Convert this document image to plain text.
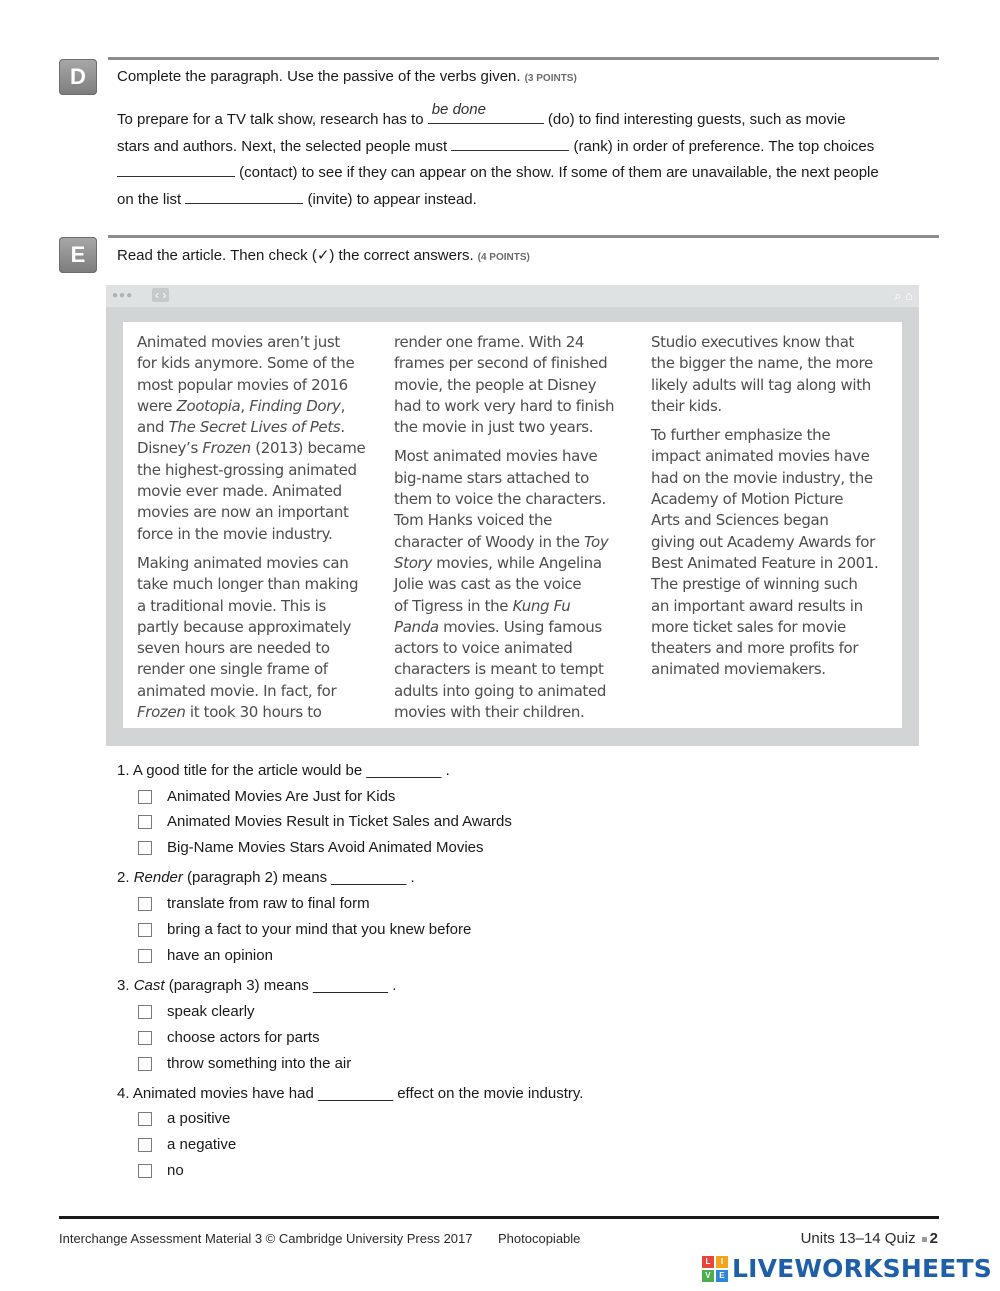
D	Complete the paragraph. Use the passive of the verbs given. (3 POINTS)

To prepare for a TV talk show, research has to
be done
(do) to find interesting guests, such as movie

stars and authors. Next, the selected people must	(rank) in order of preference. The top choices

(contact) to see if they can appear on the show. If some of them are unavailable, the next people

on the list	(invite) to appear instead.

E	Read the article. Then check (✓) the correct answers. (4 POINTS)
●●● ‹ ›	⌕ ⌂

Animated movies aren’t just
for kids anymore. Some of the
most popular movies of 2016
were Zootopia, Finding Dory,
and The Secret Lives of Pets.
Disney’s Frozen (2013) became
the highest-grossing animated
movie ever made. Animated
movies are now an important
force in the movie industry.

Making animated movies can
take much longer than making
a traditional movie. This is
partly because approximately
seven hours are needed to
render one single frame of
animated movie. In fact, for
Frozen it took 30 hours to

render one frame. With 24
frames per second of finished
movie, the people at Disney
had to work very hard to finish
the movie in just two years.

Most animated movies have
big-name stars attached to
them to voice the characters.
Tom Hanks voiced the
character of Woody in the Toy
Story movies, while Angelina
Jolie was cast as the voice
of Tigress in the Kung Fu
Panda movies. Using famous
actors to voice animated
characters is meant to tempt
adults into going to animated
movies with their children.

Studio executives know that
the bigger the name, the more
likely adults will tag along with
their kids.

To further emphasize the
impact animated movies have
had on the movie industry, the
Academy of Motion Picture
Arts and Sciences began
giving out Academy Awards for
Best Animated Feature in 2001.
The prestige of winning such
an important award results in
more ticket sales for movie
theaters and more profits for
animated moviemakers.

1. A good title for the article would be _________ .
Animated Movies Are Just for Kids
Animated Movies Result in Ticket Sales and Awards
Big-Name Movies Stars Avoid Animated Movies
2. Render (paragraph 2) means _________ .
translate from raw to final form
bring a fact to your mind that you knew before
have an opinion
3. Cast (paragraph 3) means _________ .
speak clearly
choose actors for parts
throw something into the air
4. Animated movies have had _________ effect on the movie industry.
a positive
a negative
no
Interchange Assessment Material 3 © Cambridge University Press 2017 Photocopiable	Units 13–14 Quiz 2
L	I
V	E LIVEWORKSHEETS
